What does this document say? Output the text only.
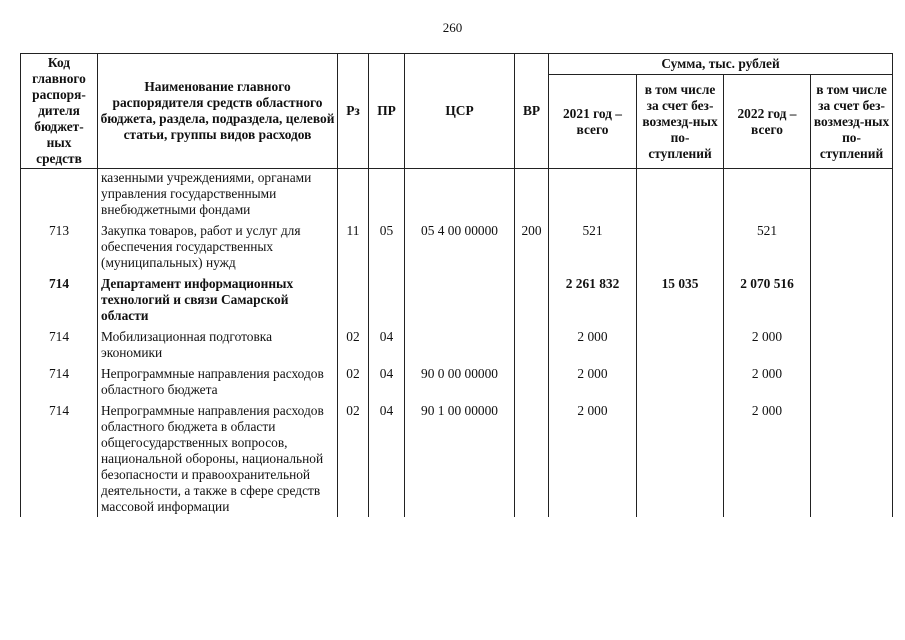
260
Код главного распоря-дителя бюджет-ных средств	Наименование главного распорядителя средств областного бюджета, раздела, подраздела, целевой статьи, группы видов расходов	Рз	ПР	ЦСР	ВР	Сумма, тыс. рублей			
						2021 год – всего	в том числе за счет без-возмезд-ных по-ступлений	2022 год – всего	в том числе за счет без-возмезд-ных по-ступлений
	казенными учреждениями, органами управления государственными внебюджетными фондами								
713	Закупка товаров, работ и услуг для обеспечения государственных (муниципальных) нужд	11	05	05 4 00 00000	200	521		521	
714	Департамент информационных технологий и связи Самарской области					2 261 832	15 035	2 070 516	
714	Мобилизационная подготовка экономики	02	04			2 000		2 000	
714	Непрограммные направления расходов областного бюджета	02	04	90 0 00 00000		2 000		2 000	
714	Непрограммные направления расходов областного бюджета в области общегосударственных вопросов, национальной обороны, национальной безопасности и правоохранительной деятельности, а также в сфере средств массовой информации	02	04	90 1 00 00000		2 000		2 000	
